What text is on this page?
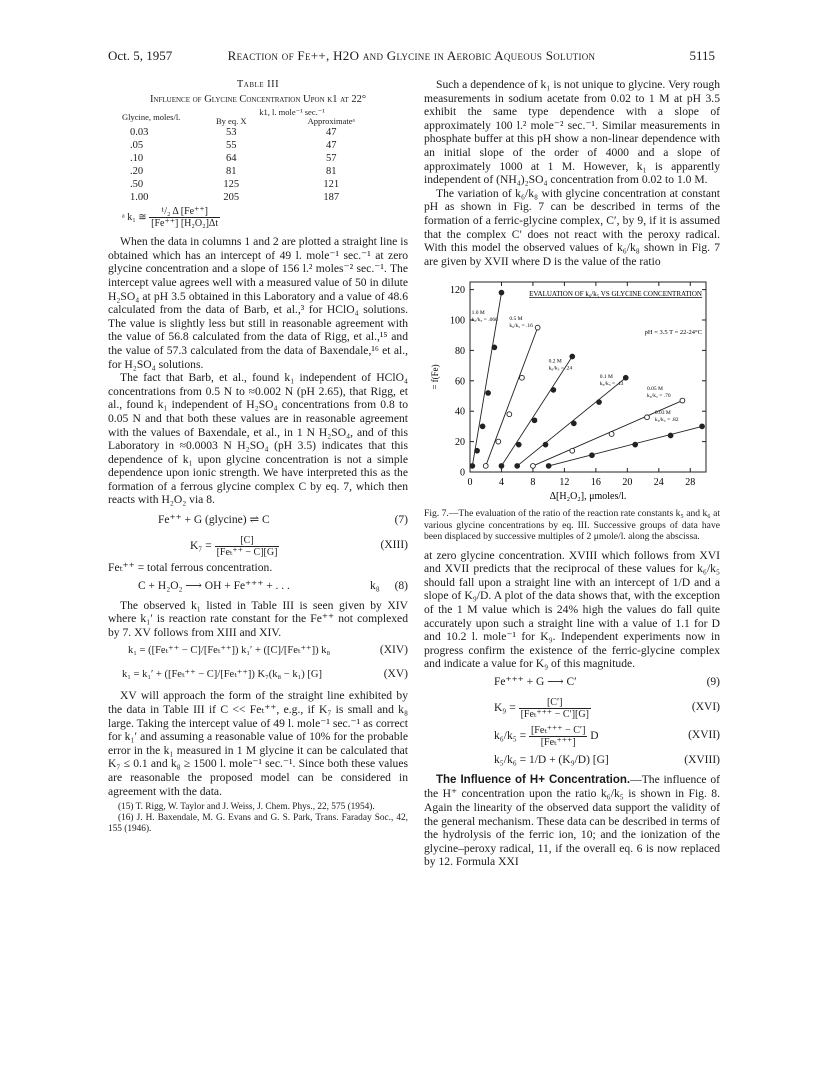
Oct. 5, 1957	Reaction of Fe++, H2O and Glycine in Aerobic Aqueous Solution	5115
Table III
Influence of Glycine Concentration Upon k1 at 22°
Glycine, moles/l.	k1, l. mole⁻¹ sec.⁻¹	
	By eq. X	Approximateᵃ
0.03	53	47
.05	55	47
.10	64	57
.20	81	81
.50	125	121
1.00	205	187
ᵃ k₁ ≅ $\frac{\text{¹/₂ Δ [Fe⁺⁺]}}{\text{[Fe⁺⁺] [H₂O₂]Δt}}$

When the data in columns 1 and 2 are plotted a straight line is obtained which has an intercept of 49 l. mole⁻¹ sec.⁻¹ at zero glycine concentration and a slope of 156 l.² moles⁻² sec.⁻¹. The intercept value agrees well with a measured value of 50 in dilute H₂SO₄ at pH 3.5 obtained in this Laboratory and a value of 48.6 calculated from the data of Barb, et al.,³ for HClO₄ solutions. The value is slightly less but still in reasonable agreement with the value of 56.8 calculated from the data of Rigg, et al.,¹⁵ and the value of 57.3 calculated from the data of Baxendale,¹⁶ et al., for H₂SO₄ solutions.

The fact that Barb, et al., found k₁ independent of HClO₄ concentrations from 0.5 N to ≈0.002 N (pH 2.65), that Rigg, et al., found k₁ independent of H₂SO₄ concentrations from 0.8 to 0.05 N and that both these values are in reasonable agreement with the values of Baxendale, et al., in 1 N H₂SO₄, and of this Laboratory in ≈0.0003 N H₂SO₄ (pH 3.5) indicates that this dependence of k₁ upon glycine concentration is not a simple dependence upon ionic strength. We have interpreted this as the formation of a ferrous glycine complex C by eq. 7, which then reacts with H₂O₂ via 8.

Fe⁺⁺ + G (glycine) ⇌ C	(7)
$K_7 = \frac{[C]}{\text{[Feₜ⁺⁺ − C][G]}}$	(XIII)

Feₜ⁺⁺ = total ferrous concentration.

C + H₂O₂ ⟶ OH + Fe⁺⁺⁺ + . . .	k₈ (8)

The observed k₁ listed in Table III is seen given by XIV where k₁′ is reaction rate constant for the Fe⁺⁺ not complexed by 7. XV follows from XIII and XIV.

k₁ = ([Feₜ⁺⁺ − C]/[Feₜ⁺⁺]) k₁′ + ([C]/[Feₜ⁺⁺]) k₈	(XIV)
k₁ = k₁′ + ([Feₜ⁺⁺ − C]/[Feₜ⁺⁺]) K₇(k₈ − k₁) [G]	(XV)

XV will approach the form of the straight line exhibited by the data in Table III if C << Feₜ⁺⁺, e.g., if K₇ is small and k₈ large. Taking the intercept value of 49 l. mole⁻¹ sec.⁻¹ as correct for k₁′ and assuming a reasonable value of 10% for the probable error in the k₁ measured in 1 M glycine it can be calculated that K₇ ≤ 0.1 and k₈ ≥ 1500 l. mole⁻¹ sec.⁻¹. Since both these values are reasonable the proposed model can be considered in agreement with the data.

(15) T. Rigg, W. Taylor and J. Weiss, J. Chem. Phys., 22, 575 (1954).
(16) J. H. Baxendale, M. G. Evans and G. S. Park, Trans. Faraday Soc., 42, 155 (1946).

Such a dependence of k₁ is not unique to glycine. Very rough measurements in sodium acetate from 0.02 to 1 M at pH 3.5 exhibit the same type dependence with a slope of approximately 100 l.² mole⁻² sec.⁻¹. Similar measurements in phosphate buffer at this pH show a non-linear dependence with an initial slope of the order of 4000 and a slope of approximately 1000 at 1 M. However, k₁ is apparently independent of (NH₄)₂SO₄ concentration from 0.02 to 1.0 M.

The variation of k₆/k₈ with glycine concentration at constant pH as shown in Fig. 7 can be described in terms of the formation of a ferric-glycine complex, C′, by 9, if it is assumed that the complex C′ does not react with the peroxy radical. With this model the observed values of k₆/k₈ shown in Fig. 7 are given by XVII where D is the value of the ratio

0	4	8 12 16 20 24 28
0
20
40
60
80
100
120
Δ[H₂O₂], μmoles/l.
= f(Fe)
EVALUATION OF k₆/k₅ VS GLYCINE CONCENTRATION
pH = 3.5 T = 22-24°C
1.0 M
k₆/k₅ = .066 0.5 M
k₆/k₅ = .16
0.2 M
k₆/k₅ = .24
0.1 M
k₆/k₅ = .43
0.05 M
k₆/k₅ = .70
0.03 M
k₆/k₅ = .82
Fig. 7.—The evaluation of the ratio of the reaction rate constants k₅ and k₆ at various glycine concentrations by eq. III. Successive groups of data have been displaced by successive multiples of 2 μmole/l. along the abscissa.

at zero glycine concentration. XVIII which follows from XVI and XVII predicts that the reciprocal of these values for k₆/k₅ should fall upon a straight line with an intercept of 1/D and a slope of K₉/D. A plot of the data shows that, with the exception of the 1 M value which is 24% high the values do fall quite accurately upon such a straight line with a value of 1.1 for D and 10.2 l. mole⁻¹ for K₉. Independent experiments now in progress confirm the existence of the ferric-glycine complex and indicate a value for K₉ of this magnitude.

Fe⁺⁺⁺ + G ⟶ C′	(9)
$K_9 = \frac{[C']}{\text{[Feₜ⁺⁺⁺ − C′][G]}}$	(XVI)
$k_6/k_5 = \frac{\text{[Feₜ⁺⁺⁺ − C′]}}{\text{[Feₜ⁺⁺⁺]}}$ D	(XVII)
k₅/k₆ = 1/D + (K₉/D) [G]	(XVIII)

The Influence of H+ Concentration.—The influence of the H⁺ concentration upon the ratio k₆/k₅ is shown in Fig. 8. Again the linearity of the observed data support the validity of the general mechanism. These data can be described in terms of the hydrolysis of the ferric ion, 10; and the ionization of the glycine–peroxy radical, 11, if the overall eq. 6 is now replaced by 12. Formula XXI
